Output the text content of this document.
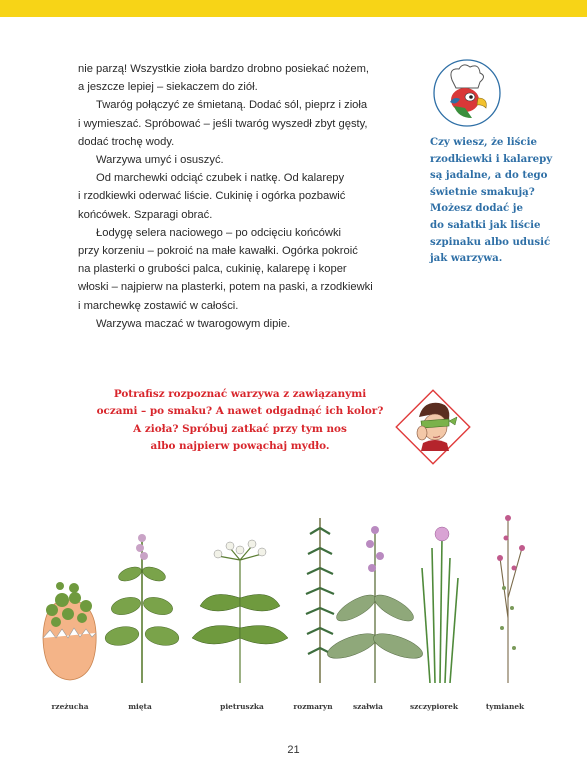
nie parzą! Wszystkie zioła bardzo drobno posiekać nożem,

a jeszcze lepiej – siekaczem do ziół.

Twaróg połączyć ze śmietaną. Dodać sól, pieprz i zioła

i wymieszać. Spróbować – jeśli twaróg wyszedł zbyt gęsty,

dodać trochę wody.

Warzywa umyć i osuszyć.

Od marchewki odciąć czubek i natkę. Od kalarepy

i rzodkiewki oderwać liście. Cukinię i ogórka pozbawić

końcówek. Szparagi obrać.

Łodygę selera naciowego – po odcięciu końcówki

przy korzeniu – pokroić na małe kawałki. Ogórka pokroić

na plasterki o grubości palca, cukinię, kalarepę i koper

włoski – najpierw na plasterki, potem na paski, a rzodkiewki

i marchewkę zostawić w całości.

Warzywa maczać w twarogowym dipie.

Czy wiesz, że liście
rzodkiewki i kalarepy
są jadalne, a do tego
świetnie smakują?
Możesz dodać je
do sałatki jak liście
szpinaku albo udusić
jak warzywa.
Potrafisz rozpoznać warzywa z zawiązanymi
oczami – po smaku? A nawet odgadnąć ich kolor?
A zioła? Spróbuj zatkać przy tym nos
albo najpierw powąchaj mydło.
rzeżucha	mięta	pietruszka	rozmaryn	szałwia	szczypiorek	tymianek
21
